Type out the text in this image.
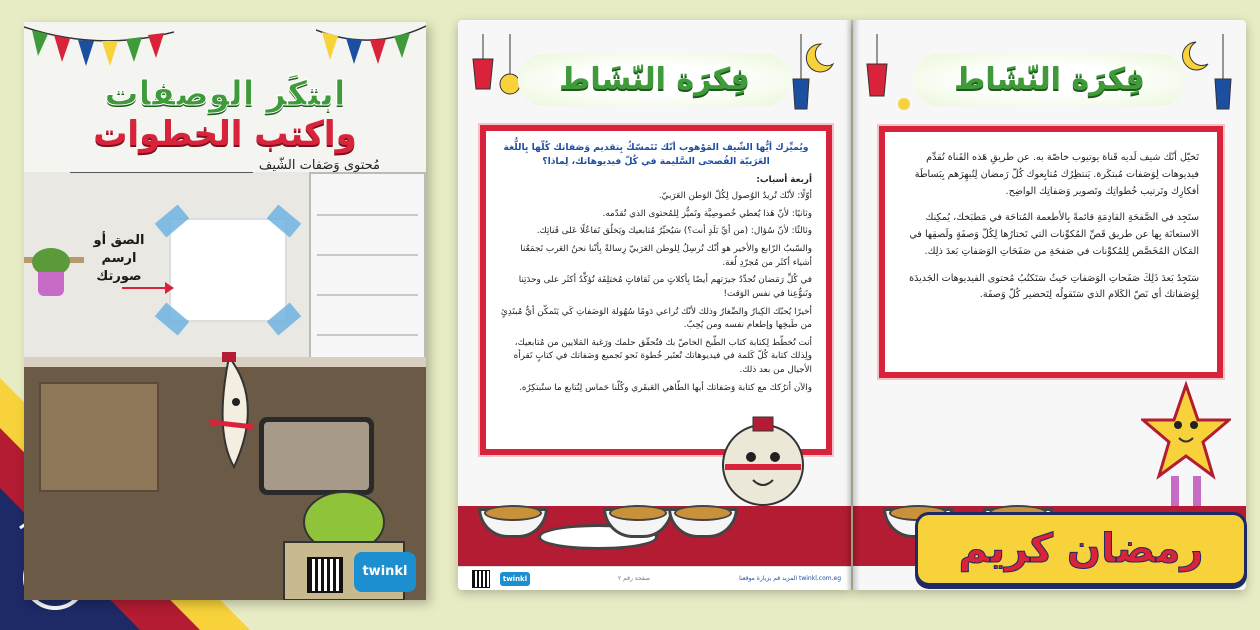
ابتكَر الوصفات
واكتب الخطوات
مُحتوى وَصَفات الشّيف
الصق أو ارسم
صورتك
twinkl
فِكرَة النّشَاط
ويُميِّزك أيُّها الشّيف المَوْهوب أنّك تَتَمسّكُ بِتقديم وَصَفاتك كُلّها بِاللُّغة العَرَبيّة الفُصحى السَّليمة في كُلّ فيديوهاتك، لِماذا؟
أربعة أسباب:

أوّلًا: لأنّك تُريدُ الوُصول لِكُلّ الوَطن العَرَبيّ.

وثانيًا: لأنّ هَذا يُعطي خُصوصِيَّة وتَميُّز لِلمُحتوى الذي تُقدّمه.

وثالثًا: لأنّ سُؤال: (من أيِّ بَلَدٍ أنت؟) سَيُحيِّرُ مُتابعيك ويَخلُق تَفاعُلًا عَلى قَناتِك.

والسّببُ الرّابع والأخير هو أنّك تُرسِلُ لِلوطن العَرَبيّ رِسالةً بِأنّنا نحنُ العَرب تَجمَعُنا أشياء أكثَر من مُجرّدِ لُغة.

في كُلِّ رَمَضان تُجدِّدُ جيرَتهم أيضًا بِأكلاتٍ من ثَقافاتٍ مُختلِفَة تُؤكِّدُ أكثَر على وحدَتِنا وتَنوُّعِنا في نفس الوَقت!

أخيرًا يُحبّك الكِبارُ والصِّغارُ وذلك لأنّك تُراعي دَومًا سُهُولة الوَصَفاتِ كَي يَتَمكّن أيُّ مُبتَدِئٍ من طَبخِها وإطعام نفسه ومن يُحِبّ.

أنت تُخطّط لِكتابة كتاب الطّبخ الخاصّ بك فتُحقّق حلمك ورَغبة المَلايين من مُتابعيك، ولِذلك كتابة كُلّ كَلمة في فيديوهاتك تُعتَبر خُطوة نَحو تَجميع وَصَفاتك في كتابٍ تَقرأه الأجيال من بعد ذلك.

والآن أترُكك مع كتابة وَصَفاتك أيها الطّاهي العَبقَري وكُلّنا حَماس لِنُتابع ما ستُبتكِرُه.

twinkl	صفحة رقم ٢	twinkl.com.eg المزيد قم بزيارة موقعنا
فِكرَة النّشَاط

تَخيّل أنّك شيف لَديه قَناة يوتيوب خاصّة به. عن طريقِ هَذه القَناة تُقدِّم فيديوهات لِوَصَفات مُبتكَرة. يَنتظِرُك مُتابِعوك كُلّ رَمضان لِتُبهِرَهم بِبَساطَة أفكارِك وتَرتيب خُطواتِك وتَصوير وَصَفاتِك الواضِح.

ستَجِد في الصَّفحَةِ القادِمَةِ قائمةً بِالأطعمة المُتاحَة في مَطبَخك، يُمكِنك الاستعانَة بِها عن طريق قَصِّ المُكوِّنات التي تَختارُها لِكُلّ وَصفَةٍ ولَصقِها في المَكان المُخَصَّص لِلمُكوِّنات في صَفحَةِ من صَفَحَاتِ الوَصَفاتِ بَعدَ ذلِك.

سَتَجِدُ بَعدَ ذَلِكَ صَفَحاتِ الوَصَفاتِ حَيثُ سَتَكتُبُ مُحتوى الفيديوهات الجَديدَة لِوَصَفاتك أي نَصّ الكَلام الذي سَتَقولُه لِتَحضير كُلّ وَصفَة.

رمضان كريم
